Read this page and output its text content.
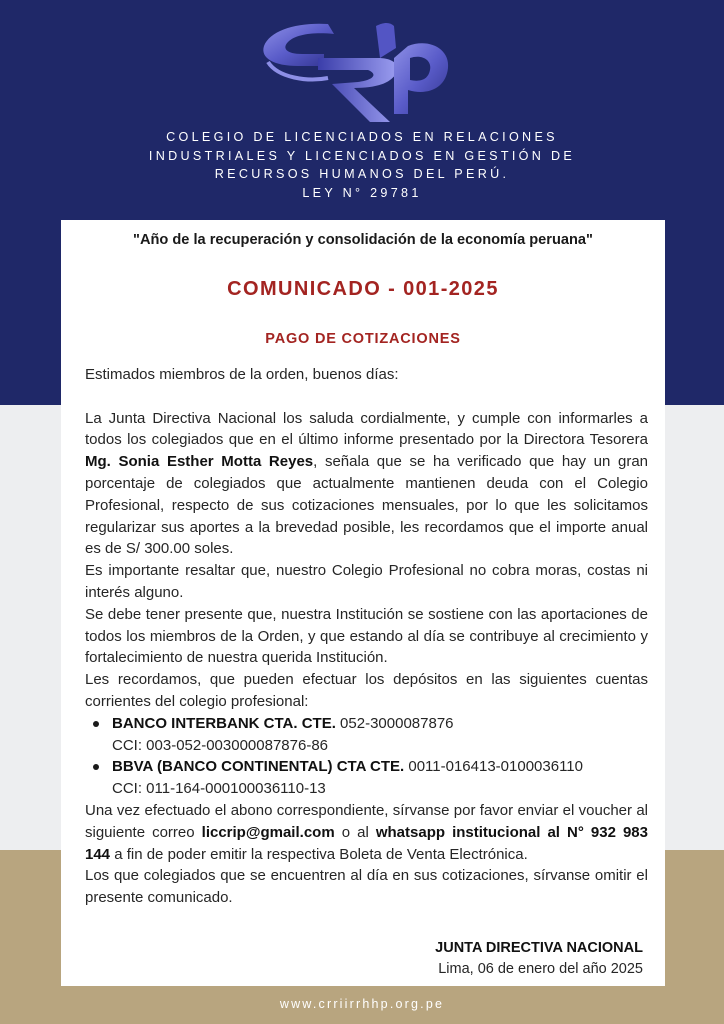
COLEGIO DE LICENCIADOS EN RELACIONES
INDUSTRIALES Y LICENCIADOS EN GESTIÓN DE
RECURSOS HUMANOS DEL PERÚ.
LEY N° 29781
"Año de la recuperación y consolidación de la economía peruana"
COMUNICADO - 001-2025
PAGO DE COTIZACIONES

Estimados miembros de la orden, buenos días:

La Junta Directiva Nacional los saluda cordialmente, y cumple con informarles a todos los colegiados que en el último informe presentado por la Directora Tesorera Mg. Sonia Esther Motta Reyes, señala que se ha verificado que hay un gran porcentaje de colegiados que actualmente mantienen deuda con el Colegio Profesional, respecto de sus cotizaciones mensuales, por lo que les solicitamos regularizar sus aportes a la brevedad posible, les recordamos que el importe anual es de S/ 300.00 soles.

Es importante resaltar que, nuestro Colegio Profesional no cobra moras, costas ni interés alguno.

Se debe tener presente que, nuestra Institución se sostiene con las aportaciones de todos los miembros de la Orden, y que estando al día se contribuye al crecimiento y fortalecimiento de nuestra querida Institución.

Les recordamos, que pueden efectuar los depósitos en las siguientes cuentas corrientes del colegio profesional:

BANCO INTERBANK CTA. CTE. 052-3000087876
CCI: 003-052-003000087876-86
BBVA (BANCO CONTINENTAL) CTA CTE. 0011-016413-0100036110
CCI: 011-164-000100036110-13

Una vez efectuado el abono correspondiente, sírvanse por favor enviar el voucher al siguiente correo liccrip@gmail.com o al whatsapp institucional al N° 932 983 144 a fin de poder emitir la respectiva Boleta de Venta Electrónica.

Los que colegiados que se encuentren al día en sus cotizaciones, sírvanse omitir el presente comunicado.

JUNTA DIRECTIVA NACIONAL
Lima, 06 de enero del año 2025
www.crriirrhhp.org.pe
